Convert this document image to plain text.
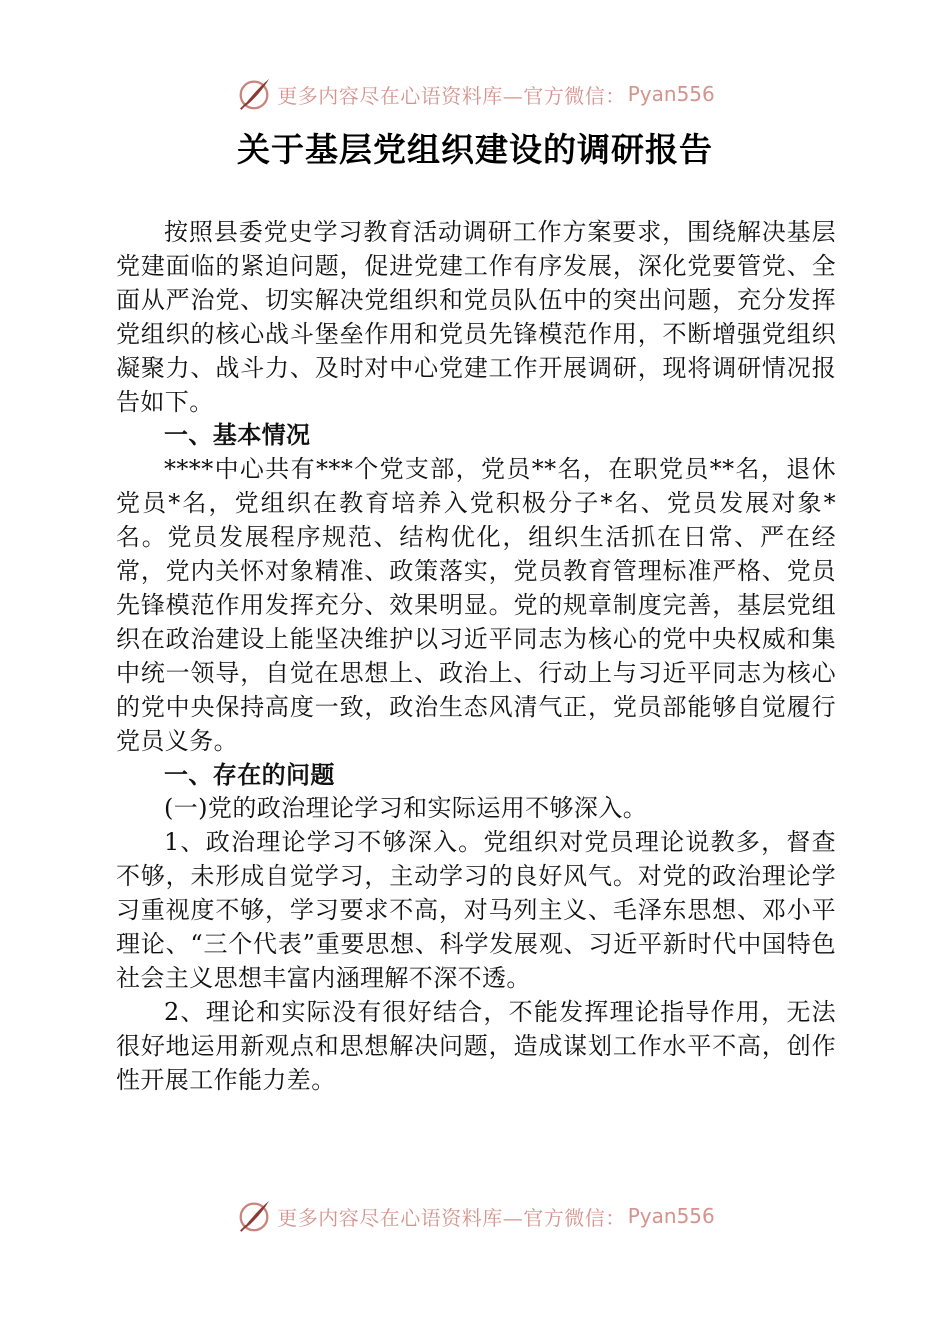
更多内容尽在心语资料库—官方微信： Pyan556
关于基层党组织建设的调研报告

按照县委党史学习教育活动调研工作方案要求，围绕解决基层党建面临的紧迫问题，促进党建工作有序发展，深化党要管党、全面从严治党、切实解决党组织和党员队伍中的突出问题，充分发挥党组织的核心战斗堡垒作用和党员先锋模范作用，不断增强党组织凝聚力、战斗力、及时对中心党建工作开展调研，现将调研情况报告如下。

一、基本情况

****中心共有***个党支部，党员**名，在职党员**名，退休党员*名，党组织在教育培养入党积极分子*名、党员发展对象*名。党员发展程序规范、结构优化，组织生活抓在日常、严在经常，党内关怀对象精准、政策落实，党员教育管理标准严格、党员先锋模范作用发挥充分、效果明显。党的规章制度完善，基层党组织在政治建设上能坚决维护以习近平同志为核心的党中央权威和集中统一领导，自觉在思想上、政治上、行动上与习近平同志为核心的党中央保持高度一致，政治生态风清气正，党员部能够自觉履行党员义务。

一、存在的问题

(一)党的政治理论学习和实际运用不够深入。

1、政治理论学习不够深入。党组织对党员理论说教多，督查不够，未形成自觉学习，主动学习的良好风气。对党的政治理论学习重视度不够，学习要求不高，对马列主义、毛泽东思想、邓小平理论、“三个代表”重要思想、科学发展观、习近平新时代中国特色社会主义思想丰富内涵理解不深不透。

2、理论和实际没有很好结合，不能发挥理论指导作用，无法很好地运用新观点和思想解决问题，造成谋划工作水平不高，创作性开展工作能力差。

更多内容尽在心语资料库—官方微信： Pyan556
